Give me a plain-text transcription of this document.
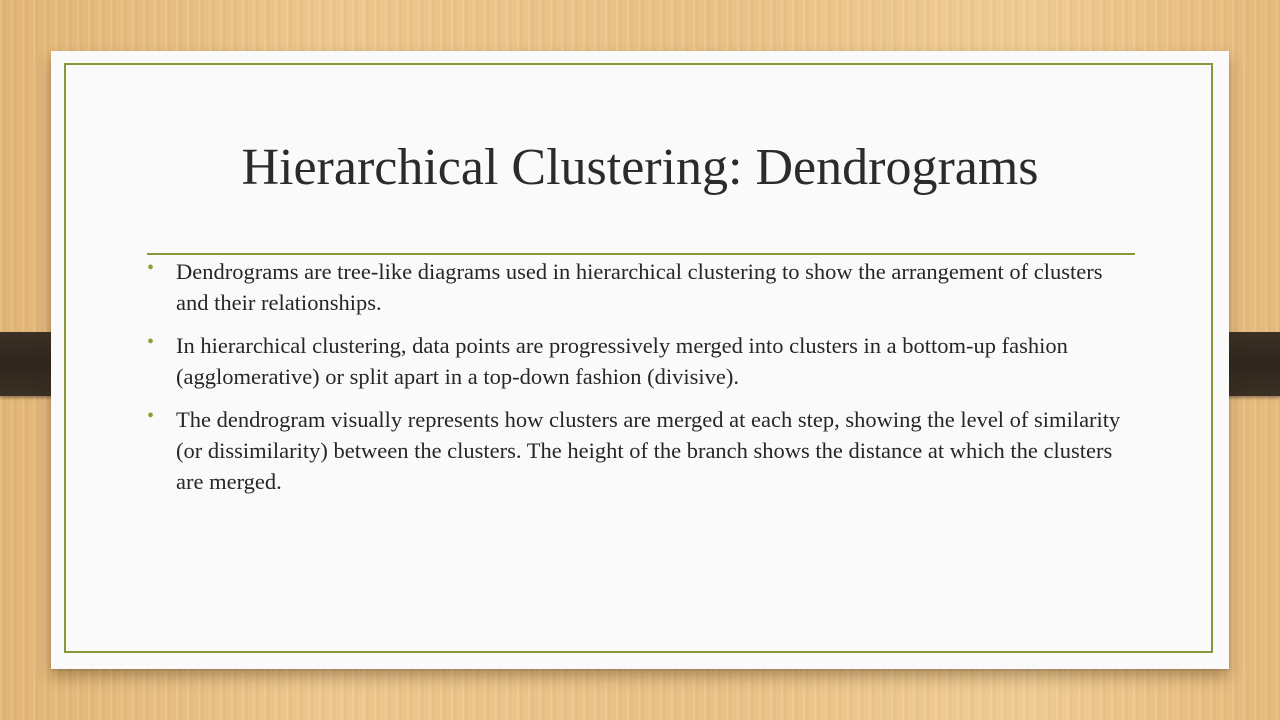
Hierarchical Clustering: Dendrograms
• Dendrograms are tree-like diagrams used in hierarchical clustering to show the arrangement of clusters and their relationships.
• In hierarchical clustering, data points are progressively merged into clusters in a bottom-up fashion (agglomerative) or split apart in a top-down fashion (divisive).
• The dendrogram visually represents how clusters are merged at each step, showing the level of similarity (or dissimilarity) between the clusters. The height of the branch shows the distance at which the clusters are merged.
